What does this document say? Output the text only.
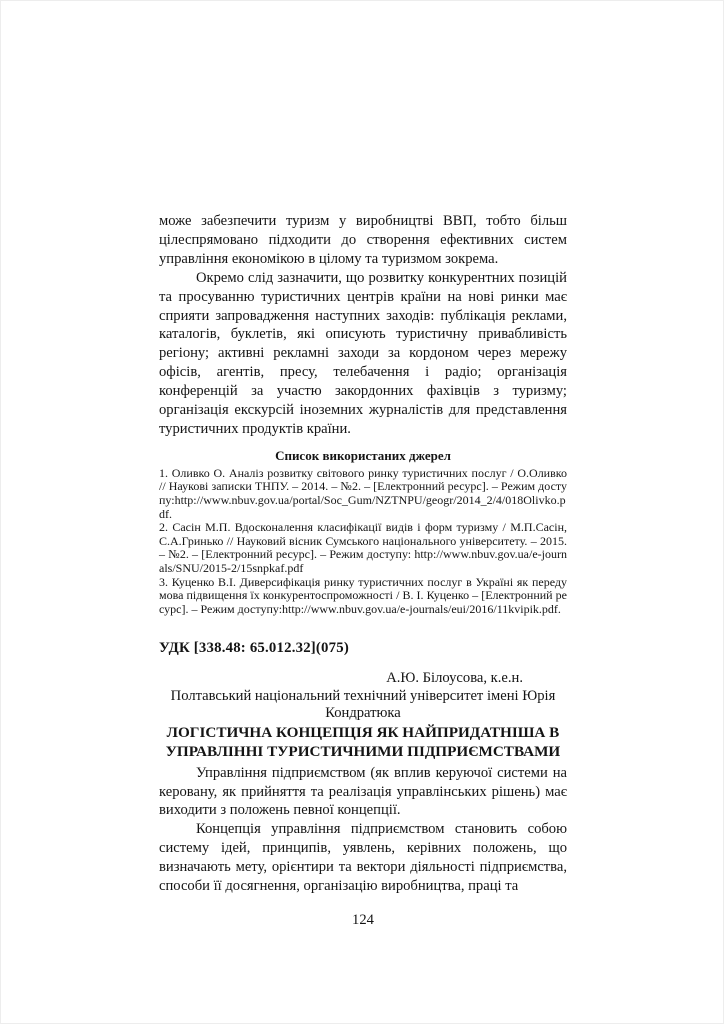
може забезпечити туризм у виробництві ВВП, тобто більш цілеспрямовано підходити до створення ефективних систем управління економікою в цілому та туризмом зокрема.

Окремо слід зазначити, що розвитку конкурентних позицій та просуванню туристичних центрів країни на нові ринки має сприяти запровадження наступних заходів: публікація реклами, каталогів, буклетів, які описують туристичну привабливість регіону; активні рекламні заходи за кордоном через мережу офісів, агентів, пресу, телебачення і радіо; організація конференцій за участю закордонних фахівців з туризму; організація екскурсій іноземних журналістів для представлення туристичних продуктів країни.

Список використаних джерел

1. Оливко О. Аналіз розвитку світового ринку туристичних послуг / О.Оливко // Наукові записки ТНПУ. – 2014. – №2. – [Електронний ресурс]. – Режим доступу:http://www.nbuv.gov.ua/portal/Soc_Gum/NZTNPU/geogr/2014_2/4/018Olivko.pdf.

2. Сасін М.П. Вдосконалення класифікації видів і форм туризму / М.П.Сасін, С.А.Гринько // Науковий вісник Сумського національного університету. – 2015. – №2. – [Електронний ресурс]. – Режим доступу: http://www.nbuv.gov.ua/e-journals/SNU/2015-2/15snpkaf.pdf

3. Куценко В.І. Диверсифікація ринку туристичних послуг в Україні як передумова підвищення їх конкурентоспроможності / В. І. Куценко – [Електронний ресурс]. – Режим доступу:http://www.nbuv.gov.ua/e-journals/eui/2016/11kvipik.pdf.

УДК [338.48: 65.012.32](075)
А.Ю. Білоусова, к.е.н.
Полтавський національний технічний університет імені Юрія Кондратюка
ЛОГІСТИЧНА КОНЦЕПЦІЯ ЯК НАЙПРИДАТНІША В УПРАВЛІННІ ТУРИСТИЧНИМИ ПІДПРИЄМСТВАМИ

Управління підприємством (як вплив керуючої системи на керовану, як прийняття та реалізація управлінських рішень) має виходити з положень певної концепції.

Концепція управління підприємством становить собою систему ідей, принципів, уявлень, керівних положень, що визначають мету, орієнтири та вектори діяльності підприємства, способи її досягнення, організацію виробництва, праці та

124
